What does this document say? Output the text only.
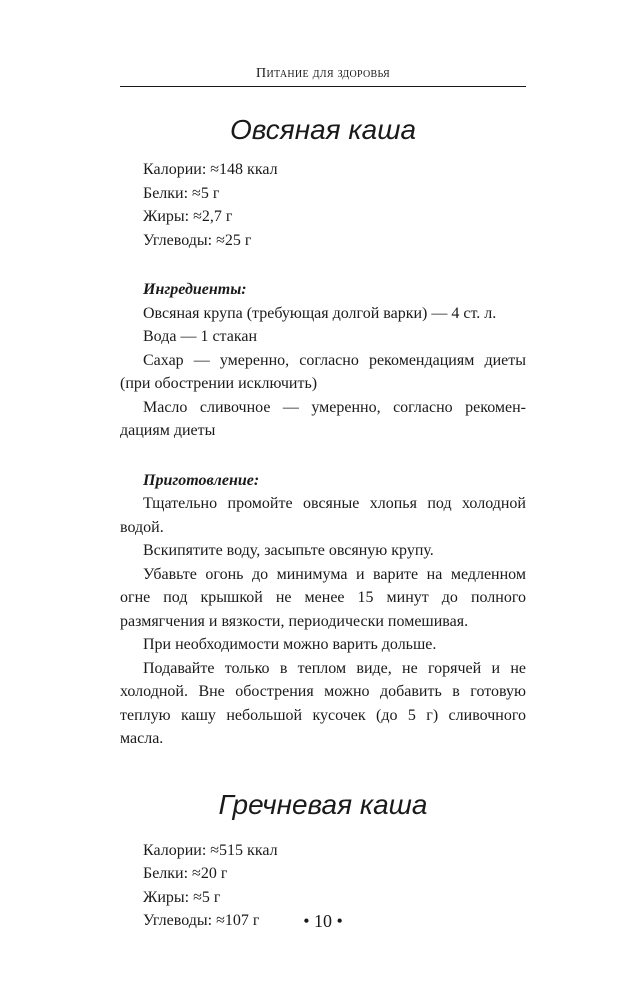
Питание для здоровья
Овсяная каша
Калории: ≈148 ккал
Белки: ≈5 г
Жиры: ≈2,7 г
Углеводы: ≈25 г
Ингредиенты:
Овсяная крупа (требующая долгой варки) — 4 ст. л.
Вода — 1 стакан
Сахар — умеренно, согласно рекомендациям диеты (при обострении исключить)
Масло сливочное — умеренно, согласно рекомендациям диеты
Приготовление:
Тщательно промойте овсяные хлопья под холодной водой.
Вскипятите воду, засыпьте овсяную крупу.
Убавьте огонь до минимума и варите на медленном огне под крышкой не менее 15 минут до полного размягчения и вязкости, периодически помешивая.
При необходимости можно варить дольше.
Подавайте только в теплом виде, не горячей и не холодной. Вне обострения можно добавить в готовую теплую кашу небольшой кусочек (до 5 г) сливочного масла.
Гречневая каша
Калории: ≈515 ккал
Белки: ≈20 г
Жиры: ≈5 г
Углеводы: ≈107 г	• 10 •
